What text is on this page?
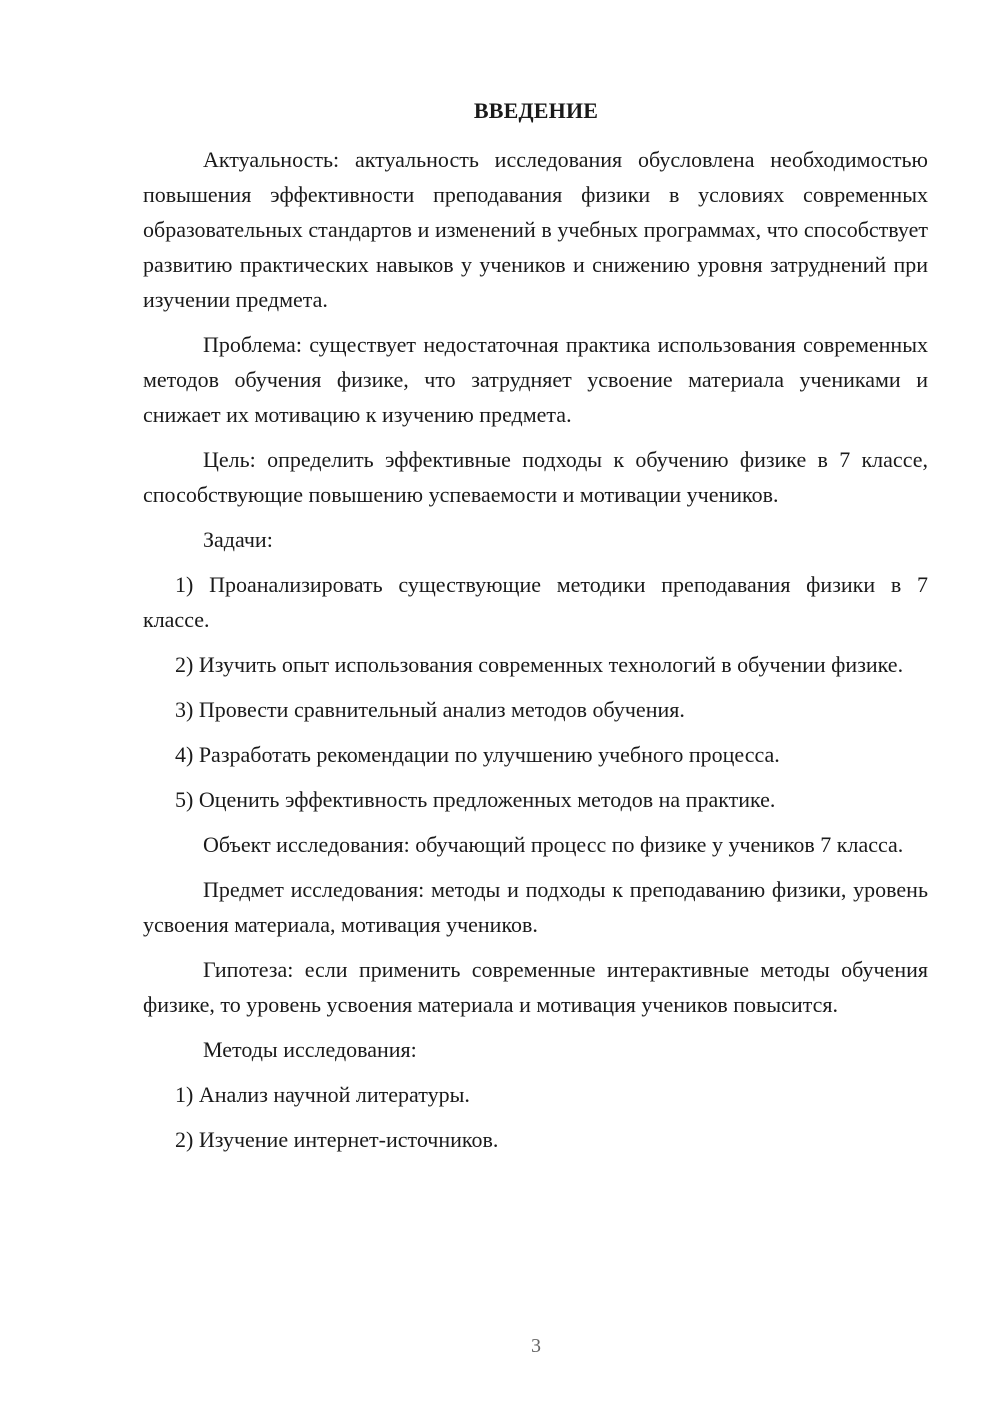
ВВЕДЕНИЕ

Актуальность: актуальность исследования обусловлена необходимостью повышения эффективности преподавания физики в условиях современных образовательных стандартов и изменений в учебных программах, что способствует развитию практических навыков у учеников и снижению уровня затруднений при изучении предмета.

Проблема: существует недостаточная практика использования современных методов обучения физике, что затрудняет усвоение материала учениками и снижает их мотивацию к изучению предмета.

Цель: определить эффективные подходы к обучению физике в 7 классе, способствующие повышению успеваемости и мотивации учеников.

Задачи:

1) Проанализировать существующие методики преподавания физики в 7 классе.

2) Изучить опыт использования современных технологий в обучении физике.

3) Провести сравнительный анализ методов обучения.

4) Разработать рекомендации по улучшению учебного процесса.

5) Оценить эффективность предложенных методов на практике.

Объект исследования: обучающий процесс по физике у учеников 7 класса.

Предмет исследования: методы и подходы к преподаванию физики, уровень усвоения материала, мотивация учеников.

Гипотеза: если применить современные интерактивные методы обучения физике, то уровень усвоения материала и мотивация учеников повысится.

Методы исследования:

1) Анализ научной литературы.

2) Изучение интернет-источников.

3
